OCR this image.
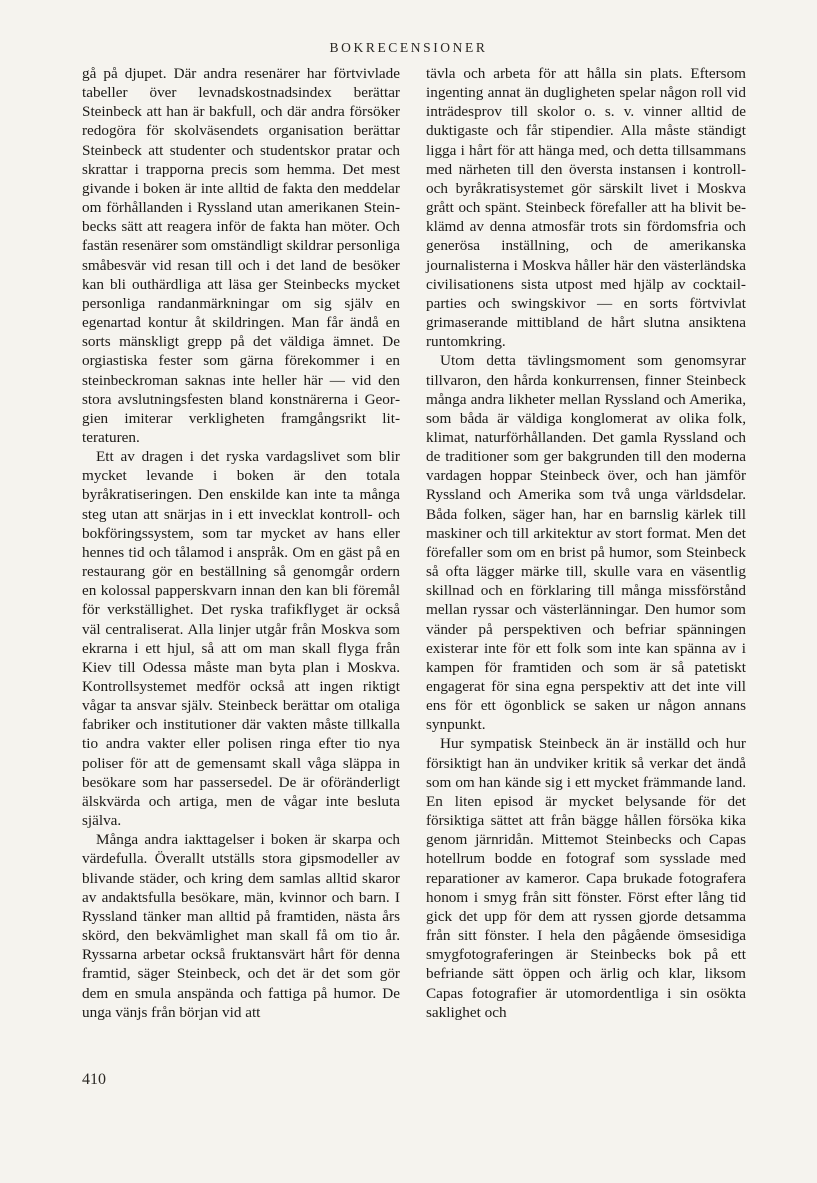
BOKRECENSIONER

gå på djupet. Där andra resenärer har förtvivlade tabeller över levnadskostnadsindex berättar Steinbeck att han är bakfull, och där andra försöker redogöra för skolväsendets organisation berättar Steinbeck att studenter och studentskor pratar och skrattar i trapporna precis som hemma. Det mest givande i boken är inte alltid de fakta den meddelar om förhållanden i Ryssland utan amerikanen Steinbecks sätt att reagera inför de fakta han möter. Och fastän resenärer som omständligt skildrar personliga småbesvär vid resan till och i det land de besöker kan bli outhärdliga att läsa ger Steinbecks mycket personliga randanmärkningar om sig själv en egenartad kontur åt skildringen. Man får ändå en sorts mänskligt grepp på det väldiga ämnet. De orgiastiska fester som gärna förekommer i en steinbeckroman saknas inte heller här — vid den stora avslutningsfesten bland konstnärerna i Georgien imiterar verkligheten framgångsrikt litteraturen.

Ett av dragen i det ryska vardagslivet som blir mycket levande i boken är den totala byråkratiseringen. Den enskilde kan inte ta många steg utan att snärjas in i ett invecklat kontroll- och bokföringssystem, som tar mycket av hans eller hennes tid och tålamod i anspråk. Om en gäst på en restaurang gör en beställning så genomgår ordern en kolossal papperskvarn innan den kan bli föremål för verkställighet. Det ryska trafikflyget är också väl centraliserat. Alla linjer utgår från Moskva som ekrarna i ett hjul, så att om man skall flyga från Kiev till Odessa måste man byta plan i Moskva. Kontrollsystemet medför också att ingen riktigt vågar ta ansvar själv. Steinbeck berättar om otaliga fabriker och institutioner där vakten måste tillkalla tio andra vakter eller polisen ringa efter tio nya poliser för att de gemensamt skall våga släppa in besökare som har passersedel. De är oföränderligt älskvärda och artiga, men de vågar inte besluta själva.

Många andra iakttagelser i boken är skarpa och värdefulla. Överallt utställs stora gipsmodeller av blivande städer, och kring dem samlas alltid skaror av andaktsfulla besökare, män, kvinnor och barn. I Ryssland tänker man alltid på framtiden, nästa års skörd, den bekvämlighet man skall få om tio år. Ryssarna arbetar också fruktansvärt hårt för denna framtid, säger Steinbeck, och det är det som gör dem en smula anspända och fattiga på humor. De unga vänjs från början vid att

tävla och arbeta för att hålla sin plats. Eftersom ingenting annat än dugligheten spelar någon roll vid inträdesprov till skolor o. s. v. vinner alltid de duktigaste och får stipendier. Alla måste ständigt ligga i hårt för att hänga med, och detta tillsammans med närheten till den översta instansen i kontroll- och byråkratisystemet gör särskilt livet i Moskva grått och spänt. Steinbeck förefaller att ha blivit beklämd av denna atmosfär trots sin fördomsfria och generösa inställning, och de amerikanska journalisterna i Moskva håller här den västerländska civilisationens sista utpost med hjälp av cocktail-parties och swingskivor — en sorts förtvivlat grimaserande mittibland de hårt slutna ansiktena runtomkring.

Utom detta tävlingsmoment som genomsyrar tillvaron, den hårda konkurrensen, finner Steinbeck många andra likheter mellan Ryssland och Amerika, som båda är väldiga konglomerat av olika folk, klimat, naturförhållanden. Det gamla Ryssland och de traditioner som ger bakgrunden till den moderna vardagen hoppar Steinbeck över, och han jämför Ryssland och Amerika som två unga världsdelar. Båda folken, säger han, har en barnslig kärlek till maskiner och till arkitektur av stort format. Men det förefaller som om en brist på humor, som Steinbeck så ofta lägger märke till, skulle vara en väsentlig skillnad och en förklaring till många missförstånd mellan ryssar och västerlänningar. Den humor som vänder på perspektiven och befriar spänningen existerar inte för ett folk som inte kan spänna av i kampen för framtiden och som är så patetiskt engagerat för sina egna perspektiv att det inte vill ens för ett ögonblick se saken ur någon annans synpunkt.

Hur sympatisk Steinbeck än är inställd och hur försiktigt han än undviker kritik så verkar det ändå som om han kände sig i ett mycket främmande land. En liten episod är mycket belysande för det försiktiga sättet att från bägge hållen försöka kika genom järnridån. Mittemot Steinbecks och Capas hotellrum bodde en fotograf som sysslade med reparationer av kameror. Capa brukade fotografera honom i smyg från sitt fönster. Först efter lång tid gick det upp för dem att ryssen gjorde detsamma från sitt fönster. I hela den pågående ömsesidiga smygfotograferingen är Steinbecks bok på ett befriande sätt öppen och ärlig och klar, liksom Capas fotografier är utomordentliga i sin osökta saklighet och

410
